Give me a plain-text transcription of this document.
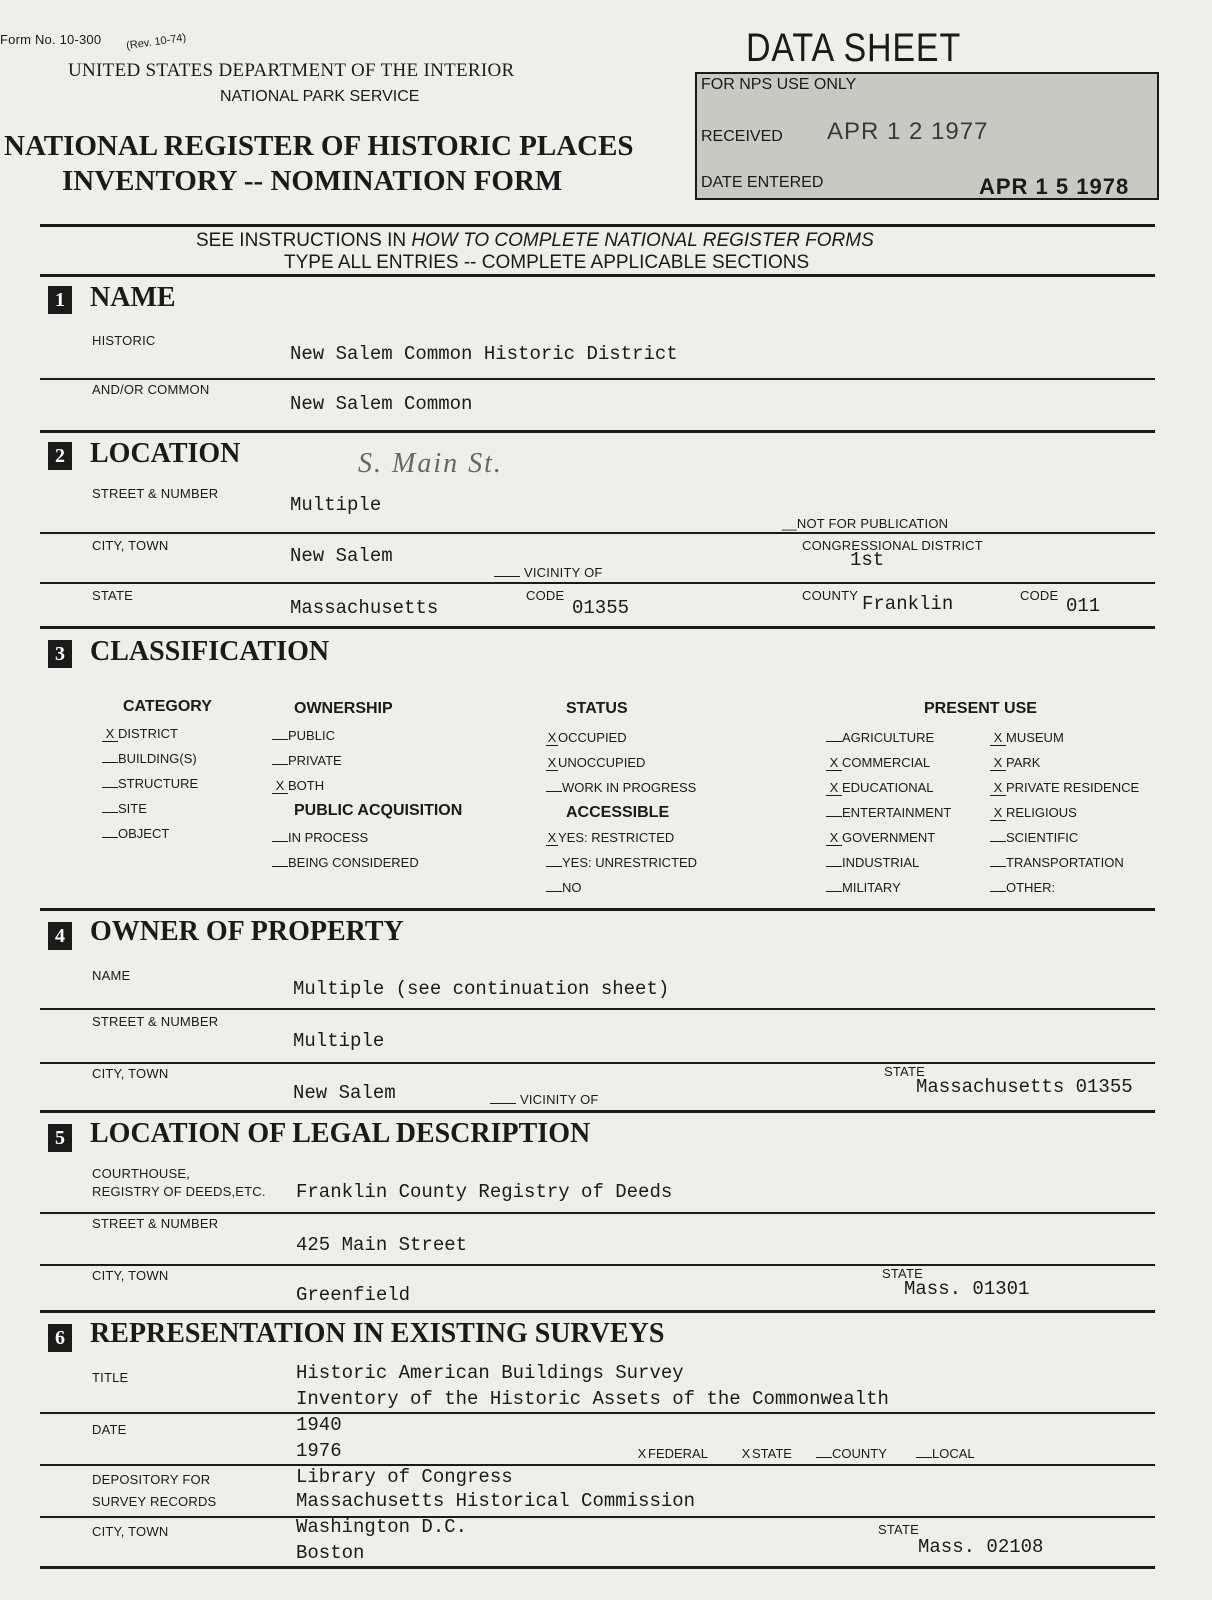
Form No. 10-300 (Rev. 10-74)
UNITED STATES DEPARTMENT OF THE INTERIOR
NATIONAL PARK SERVICE
NATIONAL REGISTER OF HISTORIC PLACES
INVENTORY -- NOMINATION FORM
DATA SHEET
FOR NPS USE ONLY
RECEIVED APR 1 2 1977
DATE ENTERED	APR 1 5 1978
SEE INSTRUCTIONS IN HOW TO COMPLETE NATIONAL REGISTER FORMS
TYPE ALL ENTRIES -- COMPLETE APPLICABLE SECTIONS
1 NAME
HISTORIC
New Salem Common Historic District
AND/OR COMMON
New Salem Common
2 LOCATION	S. Main St.
STREET & NUMBER
Multiple
__NOT FOR PUBLICATION
CITY, TOWN	New Salem
VICINITY OF
CONGRESSIONAL DISTRICT
1st
STATE
Massachusetts
CODE
01355
COUNTY Franklin	CODE 011
3 CLASSIFICATION
CATEGORY
X DISTRICT
BUILDING(S)
STRUCTURE
SITE
OBJECT
OWNERSHIP
PUBLIC
PRIVATE
X BOTH
PUBLIC ACQUISITION
IN PROCESS
BEING CONSIDERED
STATUS
X OCCUPIED
X UNOCCUPIED
WORK IN PROGRESS
ACCESSIBLE
X YES: RESTRICTED
YES: UNRESTRICTED
NO
PRESENT USE
AGRICULTURE
X COMMERCIAL
X EDUCATIONAL
ENTERTAINMENT
X GOVERNMENT
INDUSTRIAL
MILITARY
X MUSEUM
X PARK
X PRIVATE RESIDENCE
X RELIGIOUS
SCIENTIFIC
TRANSPORTATION
OTHER:
4 OWNER OF PROPERTY
NAME
Multiple (see continuation sheet)
STREET & NUMBER
Multiple
CITY, TOWN
New Salem	VICINITY OF
STATE
Massachusetts 01355
5 LOCATION OF LEGAL DESCRIPTION
COURTHOUSE,
REGISTRY OF DEEDS,ETC. Franklin County Registry of Deeds
STREET & NUMBER
425 Main Street
CITY, TOWN
Greenfield
STATE
Mass. 01301
6 REPRESENTATION IN EXISTING SURVEYS
TITLE	Historic American Buildings Survey
Inventory of the Historic Assets of the Commonwealth
DATE	1940
1976	X FEDERAL	X STATE	COUNTY	LOCAL
DEPOSITORY FOR
SURVEY RECORDS
Library of Congress
Massachusetts Historical Commission
CITY, TOWN	Washington D.C.
Boston
STATE
Mass. 02108
